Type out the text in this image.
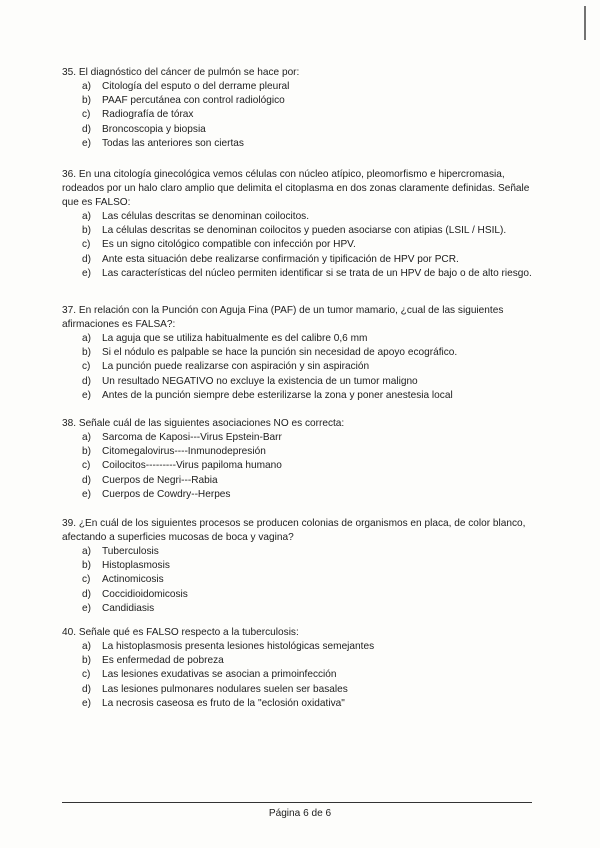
35. El diagnóstico del cáncer de pulmón se hace por:

a)	Citología del esputo o del derrame pleural
b)	PAAF percutánea con control radiológico
c)	Radiografía de tórax
d)	Broncoscopia y biopsia
e)	Todas las anteriores son ciertas

36. En una citología ginecológica vemos células con núcleo atípico, pleomorfismo e hipercromasia, rodeados por un halo claro amplio que delimita el citoplasma en dos zonas claramente definidas. Señale que es FALSO:

a)	Las células descritas se denominan coilocitos.
b)	La células descritas se denominan coilocitos y pueden asociarse con atipias (LSIL / HSIL).
c)	Es un signo citológico compatible con infección por HPV.
d)	Ante esta situación debe realizarse confirmación y tipificación de HPV por PCR.
e)	Las características del núcleo permiten identificar si se trata de un HPV de bajo o de alto riesgo.

37. En relación con la Punción con Aguja Fina (PAF) de un tumor mamario, ¿cual de las siguientes afirmaciones es FALSA?:

a)	La aguja que se utiliza habitualmente es del calibre 0,6 mm
b)	Si el nódulo es palpable se hace la punción sin necesidad de apoyo ecográfico.
c)	La punción puede realizarse con aspiración y sin aspiración
d)	Un resultado NEGATIVO no excluye la existencia de un tumor maligno
e)	Antes de la punción siempre debe esterilizarse la zona y poner anestesia local

38. Señale cuál de las siguientes asociaciones NO es correcta:

a)	Sarcoma de Kaposi---Virus Epstein-Barr
b)	Citomegalovirus----Inmunodepresión
c)	Coilocitos---------Virus papiloma humano
d)	Cuerpos de Negri---Rabia
e)	Cuerpos de Cowdry--Herpes

39. ¿En cuál de los siguientes procesos se producen colonias de organismos en placa, de color blanco, afectando a superficies mucosas de boca y vagina?

a)	Tuberculosis
b)	Histoplasmosis
c)	Actinomicosis
d)	Coccidioidomicosis
e)	Candidiasis

40. Señale qué es FALSO respecto a la tuberculosis:

a)	La histoplasmosis presenta lesiones histológicas semejantes
b)	Es enfermedad de pobreza
c)	Las lesiones exudativas se asocian a primoinfección
d)	Las lesiones pulmonares nodulares suelen ser basales
e)	La necrosis caseosa es fruto de la "eclosión oxidativa"
Página 6 de 6
